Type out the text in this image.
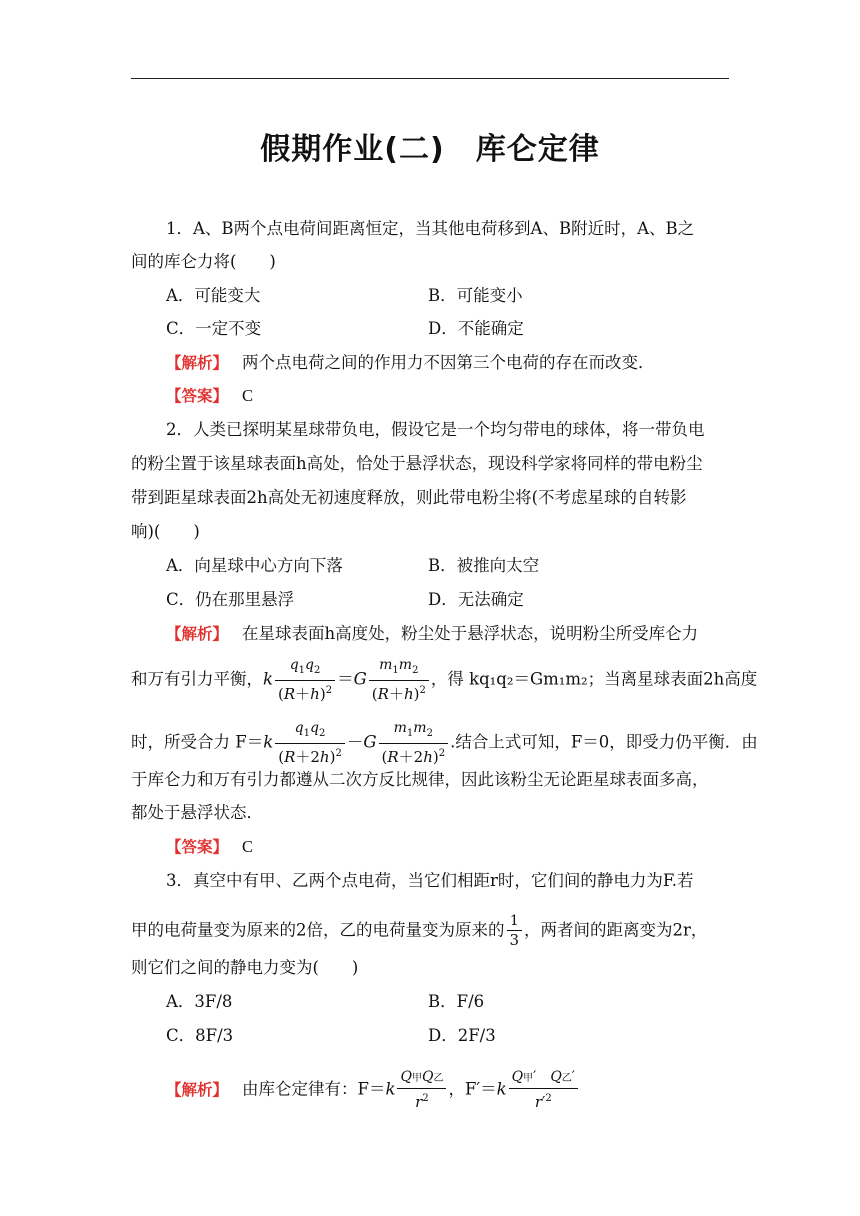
假期作业(二)　库仑定律
1．A、B两个点电荷间距离恒定，当其他电荷移到A、B附近时，A、B之
间的库仑力将(　　)
A．可能变大	B．可能变小
C．一定不变	D．不能确定
【解析】 两个点电荷之间的作用力不因第三个电荷的存在而改变．
【答案】 C
2．人类已探明某星球带负电，假设它是一个均匀带电的球体，将一带负电
的粉尘置于该星球表面h高处，恰处于悬浮状态，现设科学家将同样的带电粉尘
带到距星球表面2h高处无初速度释放，则此带电粉尘将(不考虑星球的自转影
响)(　　)
A．向星球中心方向下落	B．被推向太空
C．仍在那里悬浮	D．无法确定
【解析】 在星球表面h高度处，粉尘处于悬浮状态，说明粉尘所受库仑力
和万有引力平衡，k $\frac{q_1q_2}{(R+h)^2} =G \frac{m_1m_2}{(R+h)^2}$ ，得 kq₁q₂＝Gm₁m₂；当离星球表面2h高度
时，所受合力 $F=k \frac{q_1q_2}{(R+2h)^2} -G \frac{m_1m_2}{(R+2h)^2}$ .结合上式可知，F＝0，即受力仍平衡．由
于库仑力和万有引力都遵从二次方反比规律，因此该粉尘无论距星球表面多高，
都处于悬浮状态．
【答案】 C
3．真空中有甲、乙两个点电荷，当它们相距r时，它们间的静电力为F.若
甲的电荷量变为原来的2倍，乙的电荷量变为原来的 $\frac{1}{3}$ ，两者间的距离变为2r，
则它们之间的静电力变为(　　)
A．3F/8	B．F/6
C．8F/3	D．2F/3
【解析】 由库仑定律有：$F=k \frac{\text{Q甲Q乙}}{r^2}$ ，$F'=k \frac{\text{Q甲′　Q乙′}}{r'^2}$
